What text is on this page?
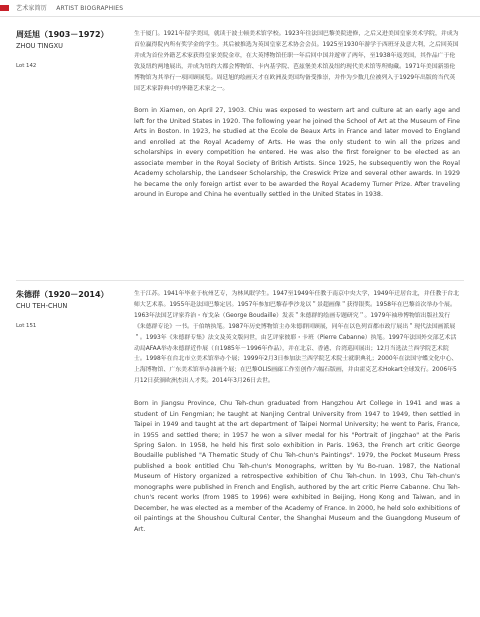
艺术家简历 ARTIST BIOGRAPHIES
周廷旭（1903－1972）
ZHOU TINGXU
Lot 142
生于厦门。1921年留学美国，就读于波士顿美术馆学校。1923年往法国巴黎美院进修，之后又进美国皇家美术学院，并成为首位赢得院内所有奖学金的学生。其后被推选为英国皇家艺术协会会员。1925至1930年游学于西班牙及意大利，之后回英国并成为首位外籍艺术家获得皇家美院金章，在大英博物馆任职一年后回中国并遊审了两年，至1938年返美国，其作品广于伦敦及纽约两地展出，并成为纽约大都会博物馆、卡内基学院、芭兹堡美术馆及纽约现代美术馆等所购藏。1971年美国新墨伦博物馆为其举行一项回顾展览。周廷旭的绘画天才在欧洲及美国均备受推崇，并作为少数几位被列入于1929年出版的当代英国艺术家辞典中的华籍艺术家之一。
Born in Xiamen, on April 27, 1903. Chiu was exposed to western art and culture at an early age and left for the United States in 1920. The following year he joined the School of Art at the Museum of Fine Arts in Boston. In 1923, he studied at the Ecole de Beaux Arts in France and later moved to England and enrolled at the Royal Academy of Arts. He was the only student to win all the prizes and scholarships in every competition he entered. He was also the first foreigner to be elected as an associate member in the Royal Society of British Artists. Since 1925, he subsequently won the Royal Academy scholarship, the Landseer Scholarship, the Creswick Prize and several other awards. In 1929 he became the only foreign artist ever to be awarded the Royal Academy Turner Prize. After traveling around in Europe and China he eventually settled in the United States in 1938.
朱德群（1920－2014）
CHU TEH-CHUN
Lot 151
生于江苏。1941年毕业于杭州艺专，为林风眠学生。1947至1949年任教于南京中央大学，1949年迁居台北，并任教于台北师大艺术系。1955年赴法国巴黎定居。1957年参加巴黎春季沙龙以＂景超画像＂获得银奖。1958年在巴黎首次举办个展。1963年法国艺评家乔治・布戈朵（George Boudaille）发表＂朱德群的绘画专题研究＂。1979年袖珍博物馆出版社发行《朱德群专论》一书。于伯纳执笔。1987年历史博物馆主办朱德群回顾展，同年在以色列首都市政厅展出＂现代法国画派展＂。1993年《朱德群专集》法文及英文版问世，由艺评家彼耶・卡班（Pierre Cabanne）执笔。1997年法国外交部艺术活动局AFAA举办朱德群近作展（自1985年－1996年作品），并在北京、香港、台湾巡回展出；12月当选法兰西学院艺术院士。1998年在台北市立美术馆举办个展；1999年2月3日参加法兰西学院艺术院士就职典礼；2000年在法国守蝶文化中心、上海博物馆、广东美术馆举办油画个展；在巴黎OLIS画廊工作室创作六幅石版画，并由霍克艺术Hokart全球发行。2006年5月12日获颁欧洲杰出人才奖。2014年3月26日去世。
Born in Jiangsu Province, Chu Teh-chun graduated from Hangzhou Art College in 1941 and was a student of Lin Fengmian; he taught at Nanjing Central University from 1947 to 1949, then settled in Taipei in 1949 and taught at the art department of Taipei Normal University; he went to Paris, France, in 1955 and settled there; in 1957 he won a silver medal for his "Portrait of Jingzhao" at the Paris Spring Salon. In 1958, he held his first solo exhibition in Paris. 1963, the French art critic George Boudaille published "A Thematic Study of Chu Teh-chun's Paintings". 1979, the Pocket Museum Press published a book entitled Chu Teh-chun's Monographs, written by Yu Bo-ruan. 1987, the National Museum of History organized a retrospective exhibition of Chu Teh-chun. In 1993, Chu Teh-chun's monographs were published in French and English, authored by the art critic Pierre Cabanne. Chu Teh-chun's recent works (from 1985 to 1996) were exhibited in Beijing, Hong Kong and Taiwan, and in December, he was elected as a member of the Academy of France. In 2000, he held solo exhibitions of oil paintings at the Shoushou Cultural Center, the Shanghai Museum and the Guangdong Museum of Art.
